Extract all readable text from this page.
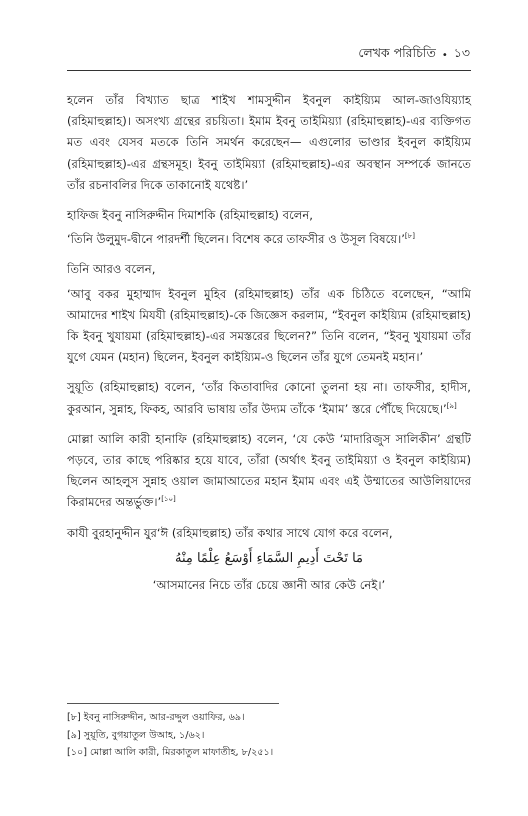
লেখক পরিচিতি • ১৩

হলেন তাঁর বিখ্যাত ছাত্র শাইখ শামসুদ্দীন ইবনুল কাইয়্যিম আল-জাওযিয়্যাহ (রহিমাহুল্লাহ)। অসংখ্য গ্রন্থের রচয়িতা। ইমাম ইবনু তাইমিয়্যা (রহিমাহুল্লাহ)-এর ব্যক্তিগত মত এবং যেসব মতকে তিনি সমর্থন করেছেন— এগুলোর ভাণ্ডার ইবনুল কাইয়্যিম (রহিমাহুল্লাহ)-এর গ্রন্থসমূহ। ইবনু তাইমিয়্যা (রহিমাহুল্লাহ)-এর অবস্থান সম্পর্কে জানতে তাঁর রচনাবলির দিকে তাকানোই যথেষ্ট।’

হাফিজ ইবনু নাসিরুদ্দীন দিমাশকি (রহিমাহুল্লাহ) বলেন,

‘তিনি উলুমুদ-দ্বীনে পারদর্শী ছিলেন। বিশেষ করে তাফসীর ও উসূল বিষয়ে।’[৮]

তিনি আরও বলেন,

‘আবু বকর মুহাম্মাদ ইবনুল মুহিব (রহিমাহুল্লাহ) তাঁর এক চিঠিতে বলেছেন, “আমি আমাদের শাইখ মিযযী (রহিমাহুল্লাহ)-কে জিজ্ঞেস করলাম, “ইবনুল কাইয়্যিম (রহিমাহুল্লাহ) কি ইবনু খুযায়মা (রহিমাহুল্লাহ)-এর সমস্তরের ছিলেন?” তিনি বলেন, “ইবনু খুযায়মা তাঁর যুগে যেমন (মহান) ছিলেন, ইবনুল কাইয়্যিম-ও ছিলেন তাঁর যুগে তেমনই মহান।’

সুয়ূতি (রহিমাহুল্লাহ) বলেন, ‘তাঁর কিতাবাদির কোনো তুলনা হয় না। তাফসীর, হাদীস, কুরআন, সুন্নাহ, ফিকহ, আরবি ভাষায় তাঁর উদ্যম তাঁকে ‘ইমাম’ স্তরে পৌঁছে দিয়েছে।’[৯]

মোল্লা আলি কারী হানাফি (রহিমাহুল্লাহ) বলেন, ‘যে কেউ ‘মাদারিজুস সালিকীন’ গ্রন্থটি পড়বে, তার কাছে পরিষ্কার হয়ে যাবে, তাঁরা (অর্থাৎ ইবনু তাইমিয়্যা ও ইবনুল কাইয়্যিম) ছিলেন আহলুস সুন্নাহ ওয়াল জামাআতের মহান ইমাম এবং এই উম্মাতের আউলিয়াদের কিরামদের অন্তর্ভুক্ত।’[১০]

কাযী বুরহানুদ্দীন যুর‘ঈ (রহিমাহুল্লাহ) তাঁর কথার সাথে যোগ করে বলেন,

مَا تَحْتَ أَدِيمِ السَّمَاءِ أَوْسَعُ عِلْمًا مِنْهُ
‘আসমানের নিচে তাঁর চেয়ে জ্ঞানী আর কেউ নেই।’
[৮] ইবনু নাসিরুদ্দীন, আর-রদ্দুল ওয়াফির, ৬৯।
[৯] সুয়ূতি, বুগয়াতুল উআহ, ১/৬২।
[১০] মোল্লা আলি কারী, মিরকাতুল মাফাতীহ, ৮/২৫১।
